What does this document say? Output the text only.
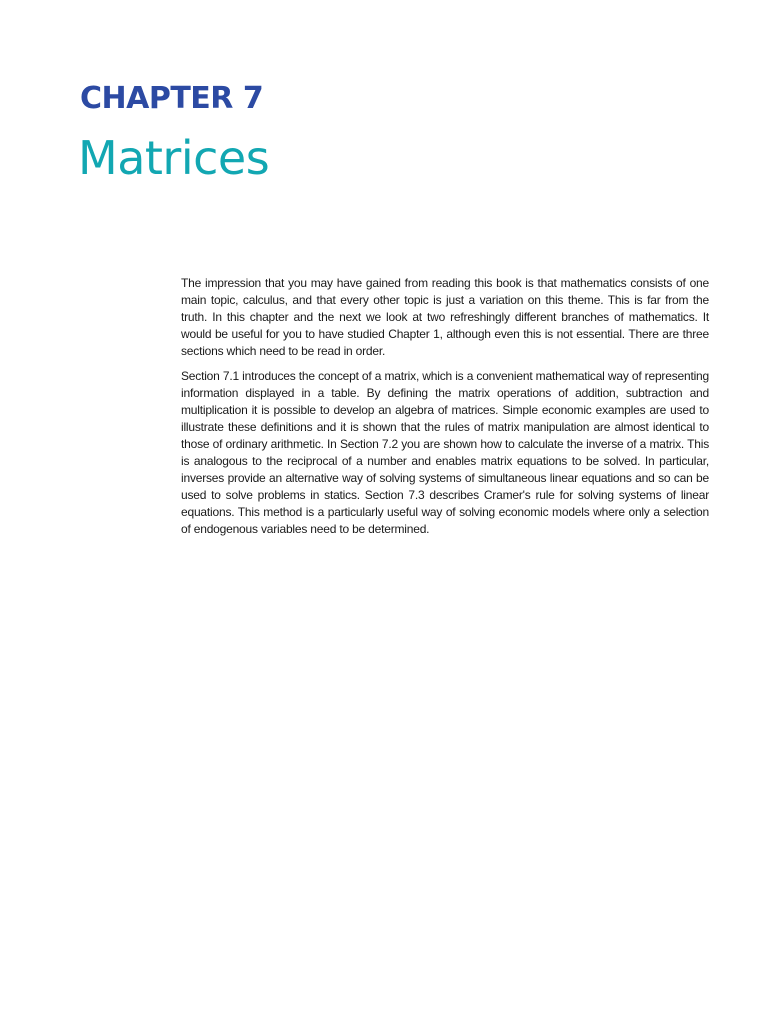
CHAPTER 7
Matrices

The impression that you may have gained from reading this book is that mathematics consists of one main topic, calculus, and that every other topic is just a variation on this theme. This is far from the truth. In this chapter and the next we look at two refreshingly different branches of mathematics. It would be useful for you to have studied Chapter 1, although even this is not essential. There are three sections which need to be read in order.

Section 7.1 introduces the concept of a matrix, which is a convenient mathematical way of representing information displayed in a table. By defining the matrix operations of addition, subtraction and multiplication it is possible to develop an algebra of matrices. Simple economic examples are used to illustrate these definitions and it is shown that the rules of matrix manipulation are almost identical to those of ordinary arithmetic. In Section 7.2 you are shown how to calculate the inverse of a matrix. This is analogous to the reciprocal of a number and enables matrix equations to be solved. In particular, inverses provide an alternative way of solving systems of simultaneous linear equations and so can be used to solve problems in statics. Section 7.3 describes Cramer's rule for solving systems of linear equations. This method is a particularly useful way of solving economic models where only a selection of endogenous variables need to be determined.
